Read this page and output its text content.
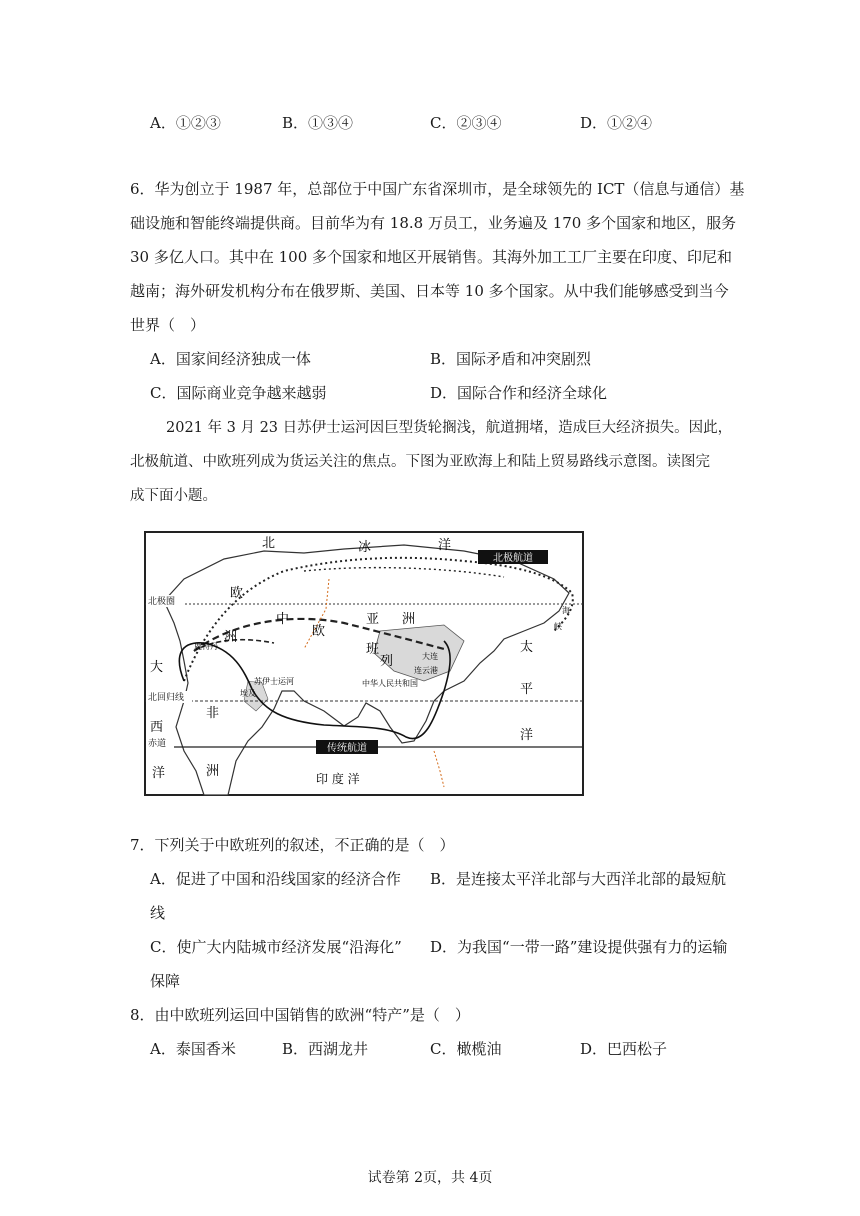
A．①②③	B．①③④	C．②③④	D．①②④
6．华为创立于 1987 年，总部位于中国广东省深圳市，是全球领先的 ICT（信息与通信）基
础设施和智能终端提供商。目前华为有 18.8 万员工，业务遍及 170 多个国家和地区，服务
30 多亿人口。其中在 100 多个国家和地区开展销售。其海外加工工厂主要在印度、印尼和
越南；海外研发机构分布在俄罗斯、美国、日本等 10 多个国家。从中我们能够感受到当今
世界（　）
A．国家间经济独成一体	B．国际矛盾和冲突剧烈
C．国际商业竞争越来越弱	D．国际合作和经济全球化
2021 年 3 月 23 日苏伊士运河因巨型货轮搁浅，航道拥堵，造成巨大经济损失。因此，
北极航道、中欧班列成为货运关注的焦点。下图为亚欧海上和陆上贸易路线示意图。读图完
成下面小题。
北极航道
传统航道
北极圈
北回归线
赤道
北	冰	洋
欧
洲
中
欧
班
列
亚 洲
大
西
洋
太
平
洋
非
洲	印 度 洋
鹿特丹
苏伊士运河
埃及
大连
连云港
中华人民共和国
海
峡
7．下列关于中欧班列的叙述，不正确的是（　）
A．促进了中国和沿线国家的经济合作 B．是连接太平洋北部与大西洋北部的最短航
线
C．使广大内陆城市经济发展“沿海化” D．为我国“一带一路”建设提供强有力的运输
保障
8．由中欧班列运回中国销售的欧洲“特产”是（　）
A．泰国香米	B．西湖龙井	C．橄榄油	D．巴西松子
试卷第 2页，共 4页
